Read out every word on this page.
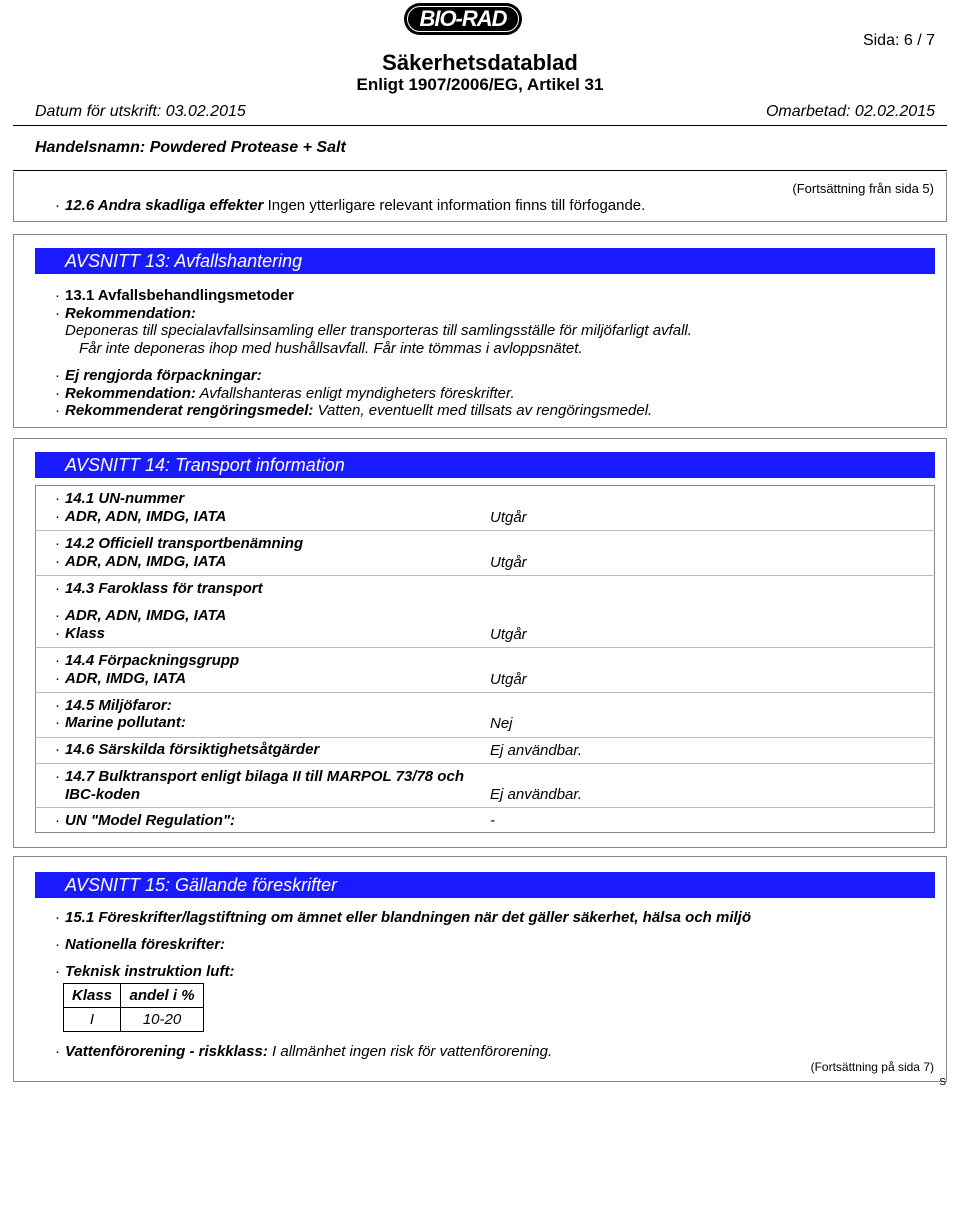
BIO-RAD
Sida: 6 / 7
Säkerhetsdatablad
Enligt 1907/2006/EG, Artikel 31
Datum för utskrift: 03.02.2015	Omarbetad: 02.02.2015
Handelsnamn: Powdered Protease + Salt
(Fortsättning från sida 5)
· 12.6 Andra skadliga effekter Ingen ytterligare relevant information finns till förfogande.
AVSNITT 13: Avfallshantering
· 13.1 Avfallsbehandlingsmetoder
· Rekommendation:
Deponeras till specialavfallsinsamling eller transporteras till samlingsställe för miljöfarligt avfall.
Får inte deponeras ihop med hushållsavfall. Får inte tömmas i avloppsnätet.
· Ej rengjorda förpackningar:
· Rekommendation: Avfallshanteras enligt myndigheters föreskrifter.
· Rekommenderat rengöringsmedel: Vatten, eventuellt med tillsats av rengöringsmedel.
AVSNITT 14: Transport information
· 14.1 UN-nummer
· ADR, ADN, IMDG, IATA	Utgår
· 14.2 Officiell transportbenämning
· ADR, ADN, IMDG, IATA	Utgår
· 14.3 Faroklass för transport
· ADR, ADN, IMDG, IATA
· Klass	Utgår
· 14.4 Förpackningsgrupp
· ADR, IMDG, IATA	Utgår
· 14.5 Miljöfaror:
· Marine pollutant:	Nej
· 14.6 Särskilda försiktighetsåtgärder	Ej användbar.
· 14.7 Bulktransport enligt bilaga II till MARPOL 73/78 och
IBC-koden	Ej användbar.
· UN "Model Regulation":	-
AVSNITT 15: Gällande föreskrifter
· 15.1 Föreskrifter/lagstiftning om ämnet eller blandningen när det gäller säkerhet, hälsa och miljö
· Nationella föreskrifter:
· Teknisk instruktion luft:
Klass	andel i %
I	10-20
· Vattenförorening - riskklass: I allmänhet ingen risk för vattenförorening.
(Fortsättning på sida 7)
S
